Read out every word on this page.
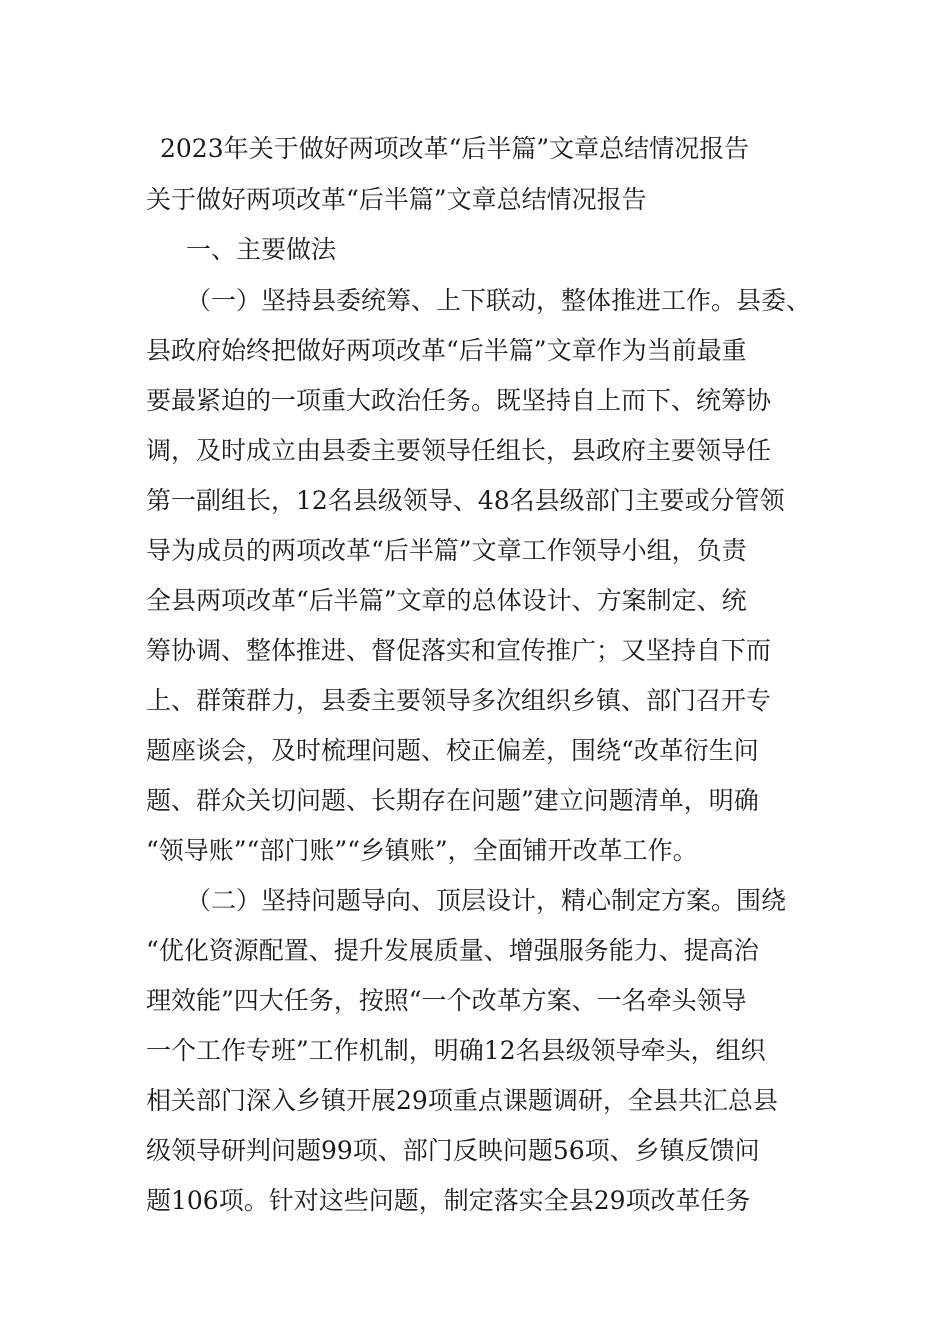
2023年关于做好两项改革“后半篇”文章总结情况报告
关于做好两项改革“后半篇”文章总结情况报告
一、主要做法
（一）坚持县委统筹、上下联动，整体推进工作。县委、
县政府始终把做好两项改革“后半篇”文章作为当前最重
要最紧迫的一项重大政治任务。既坚持自上而下、统筹协
调，及时成立由县委主要领导任组长，县政府主要领导任
第一副组长，12名县级领导、48名县级部门主要或分管领
导为成员的两项改革“后半篇”文章工作领导小组，负责
全县两项改革“后半篇”文章的总体设计、方案制定、统
筹协调、整体推进、督促落实和宣传推广；又坚持自下而
上、群策群力，县委主要领导多次组织乡镇、部门召开专
题座谈会，及时梳理问题、校正偏差，围绕“改革衍生问
题、群众关切问题、长期存在问题”建立问题清单，明确
“领导账”“部门账”“乡镇账”，全面铺开改革工作。
（二）坚持问题导向、顶层设计，精心制定方案。围绕
“优化资源配置、提升发展质量、增强服务能力、提高治
理效能”四大任务，按照“一个改革方案、一名牵头领导
一个工作专班”工作机制，明确12名县级领导牵头，组织
相关部门深入乡镇开展29项重点课题调研，全县共汇总县
级领导研判问题99项、部门反映问题56项、乡镇反馈问
题106项。针对这些问题，制定落实全县29项改革任务
